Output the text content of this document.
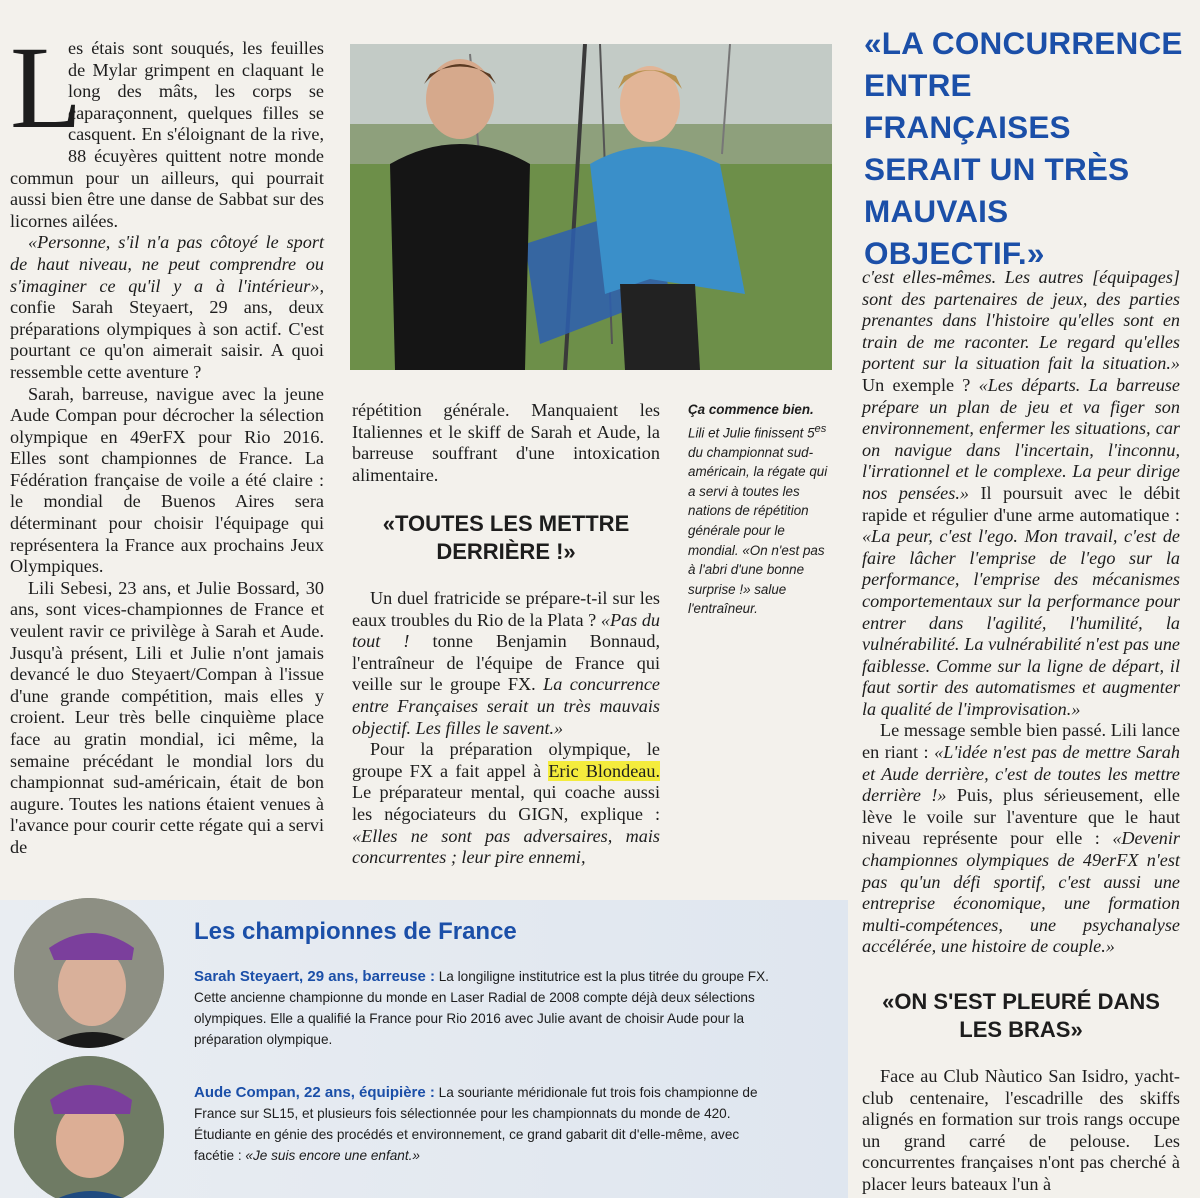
L

es étais sont souqués, les feuilles de Mylar grimpent en claquant le long des mâts, les corps se caparaçonnent, quelques filles se casquent. En s'éloignant de la rive, 88 écuyères quittent notre monde commun pour un ailleurs, qui pourrait aussi bien être une danse de Sabbat sur des licornes ailées.

«Personne, s'il n'a pas côtoyé le sport de haut niveau, ne peut comprendre ou s'imaginer ce qu'il y a à l'intérieur», confie Sarah Steyaert, 29 ans, deux préparations olympiques à son actif. C'est pourtant ce qu'on aimerait saisir. A quoi ressemble cette aventure ?

Sarah, barreuse, navigue avec la jeune Aude Compan pour décrocher la sélection olympique en 49erFX pour Rio 2016. Elles sont championnes de France. La Fédération française de voile a été claire : le mondial de Buenos Aires sera déterminant pour choisir l'équipage qui représentera la France aux prochains Jeux Olympiques.

Lili Sebesi, 23 ans, et Julie Bossard, 30 ans, sont vices-championnes de France et veulent ravir ce privilège à Sarah et Aude. Jusqu'à présent, Lili et Julie n'ont jamais devancé le duo Steyaert/Compan à l'issue d'une grande compétition, mais elles y croient. Leur très belle cinquième place face au gratin mondial, ici même, la semaine précédant le mondial lors du championnat sud-américain, était de bon augure. Toutes les nations étaient venues à l'avance pour courir cette régate qui a servi de

répétition générale. Manquaient les Italiennes et le skiff de Sarah et Aude, la barreuse souffrant d'une intoxication alimentaire.

«TOUTES LES METTRE DERRIÈRE !»

Un duel fratricide se prépare-t-il sur les eaux troubles du Rio de la Plata ? «Pas du tout ! tonne Benjamin Bonnaud, l'entraîneur de l'équipe de France qui veille sur le groupe FX. La concurrence entre Françaises serait un très mauvais objectif. Les filles le savent.»

Pour la préparation olympique, le groupe FX a fait appel à Eric Blondeau. Le préparateur mental, qui coache aussi les négociateurs du GIGN, explique : «Elles ne sont pas adversaires, mais concurrentes ; leur pire ennemi,

Ça commence bien. Lili et Julie finissent $5^{es}$ du championnat sud-américain, la régate qui a servi à toutes les nations de répétition générale pour le mondial. «On n'est pas à l'abri d'une bonne surprise !» salue l'entraîneur.
«LA CONCURRENCE ENTRE FRANÇAISES SERAIT UN TRÈS MAUVAIS OBJECTIF.»

c'est elles-mêmes. Les autres [équipages] sont des partenaires de jeux, des parties prenantes dans l'histoire qu'elles sont en train de me raconter. Le regard qu'elles portent sur la situation fait la situation.» Un exemple ? «Les départs. La barreuse prépare un plan de jeu et va figer son environnement, enfermer les situations, car on navigue dans l'incertain, l'inconnu, l'irrationnel et le complexe. La peur dirige nos pensées.» Il poursuit avec le débit rapide et régulier d'une arme automatique : «La peur, c'est l'ego. Mon travail, c'est de faire lâcher l'emprise de l'ego sur la performance, l'emprise des mécanismes comportementaux sur la performance pour entrer dans l'agilité, l'humilité, la vulnérabilité. La vulnérabilité n'est pas une faiblesse. Comme sur la ligne de départ, il faut sortir des automatismes et augmenter la qualité de l'improvisation.»

Le message semble bien passé. Lili lance en riant : «L'idée n'est pas de mettre Sarah et Aude derrière, c'est de toutes les mettre derrière !» Puis, plus sérieusement, elle lève le voile sur l'aventure que le haut niveau représente pour elle : «Devenir championnes olympiques de 49erFX n'est pas qu'un défi sportif, c'est aussi une entreprise économique, une formation multi-compétences, une psychanalyse accélérée, une histoire de couple.»

«ON S'EST PLEURÉ DANS LES BRAS»

Face au Club Nàutico San Isidro, yacht-club centenaire, l'escadrille des skiffs alignés en formation sur trois rangs occupe un grand carré de pelouse. Les concurrentes françaises n'ont pas cherché à placer leurs bateaux l'un à

Les championnes de France
Sarah Steyaert, 29 ans, barreuse : La longiligne institutrice est la plus titrée du groupe FX. Cette ancienne championne du monde en Laser Radial de 2008 compte déjà deux sélections olympiques. Elle a qualifié la France pour Rio 2016 avec Julie avant de choisir Aude pour la préparation olympique.
Aude Compan, 22 ans, équipière : La souriante méridionale fut trois fois championne de France sur SL15, et plusieurs fois sélectionnée pour les championnats du monde de 420. Étudiante en génie des procédés et environnement, ce grand gabarit dit d'elle-même, avec facétie : «Je suis encore une enfant.»
